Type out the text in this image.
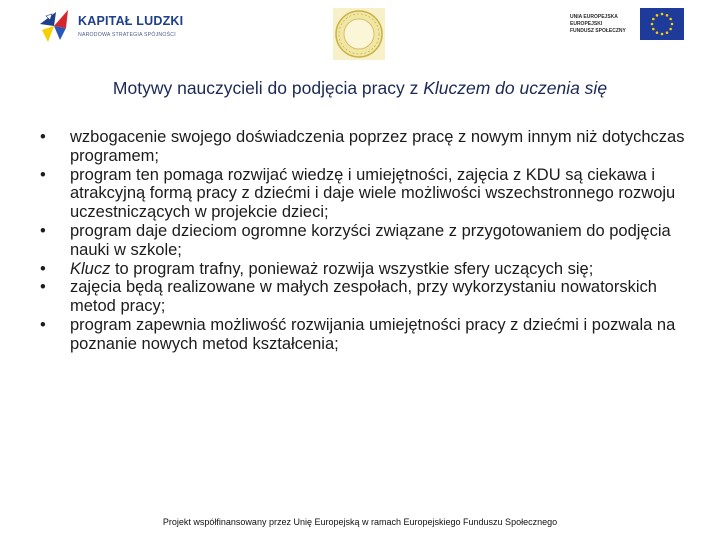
KAPITAŁ LUDZKI
NARODOWA STRATEGIA SPÓJNOŚCI
UNIA EUROPEJSKA
EUROPEJSKI
FUNDUSZ SPOŁECZNY
Motywy nauczycieli do podjęcia pracy z Kluczem do uczenia się
•	wzbogacenie swojego doświadczenia poprzez pracę z nowym innym niż dotychczas programem;
•	program ten pomaga rozwijać wiedzę i umiejętności, zajęcia z KDU są ciekawa i atrakcyjną formą pracy z dziećmi i daje wiele możliwości wszechstronnego rozwoju uczestniczących w projekcie dzieci;
•	program daje dzieciom ogromne korzyści związane z przygotowaniem do podjęcia nauki w szkole;
•	Klucz to program trafny, ponieważ rozwija wszystkie sfery uczących się;
•	zajęcia będą realizowane w małych zespołach, przy wykorzystaniu nowatorskich metod pracy;
•	program zapewnia możliwość rozwijania umiejętności pracy z dziećmi i pozwala na poznanie nowych metod kształcenia;
Projekt współfinansowany przez Unię Europejską w ramach Europejskiego Funduszu Społecznego
